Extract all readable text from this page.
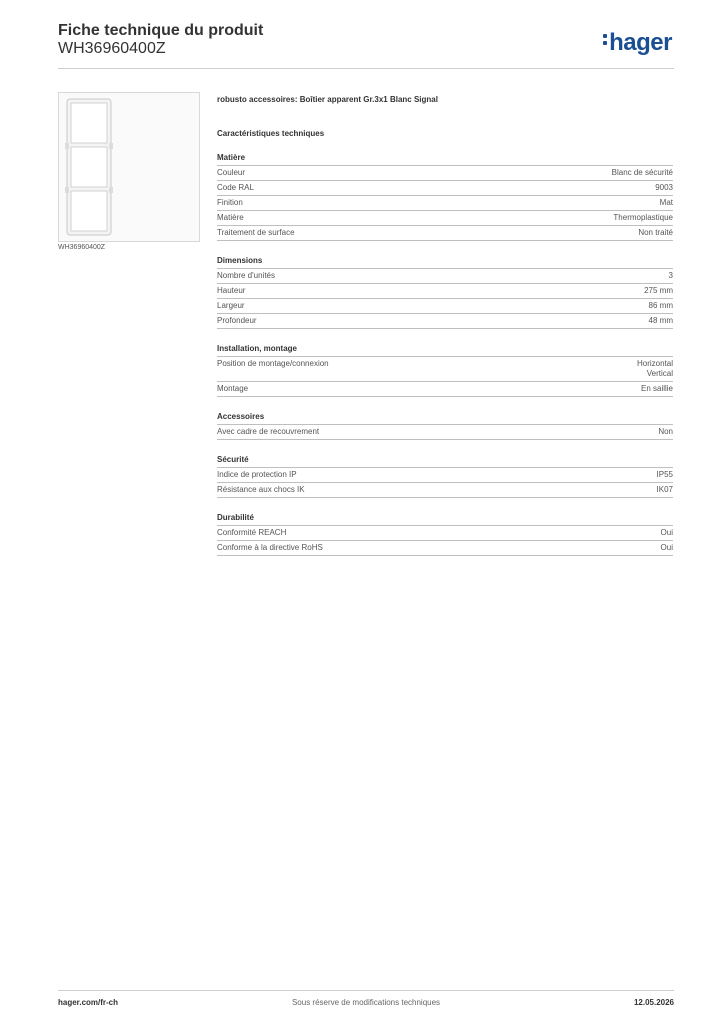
Fiche technique du produit
WH36960400Z	hager
WH36960400Z
robusto accessoires: Boîtier apparent Gr.3x1 Blanc Signal
Caractéristiques techniques
Matière
Couleur	Blanc de sécurité
Code RAL	9003
Finition	Mat
Matière	Thermoplastique
Traitement de surface	Non traité
Dimensions
Nombre d'unités	3
Hauteur	275 mm
Largeur	86 mm
Profondeur	48 mm
Installation, montage
Position de montage/connexion	Horizontal
Vertical
Montage	En saillie
Accessoires
Avec cadre de recouvrement	Non
Sécurité
Indice de protection IP	IP55
Résistance aux chocs IK	IK07
Durabilité
Conformité REACH	Oui
Conforme à la directive RoHS	Oui
hager.com/fr-ch	Sous réserve de modifications techniques	12.05.2026
